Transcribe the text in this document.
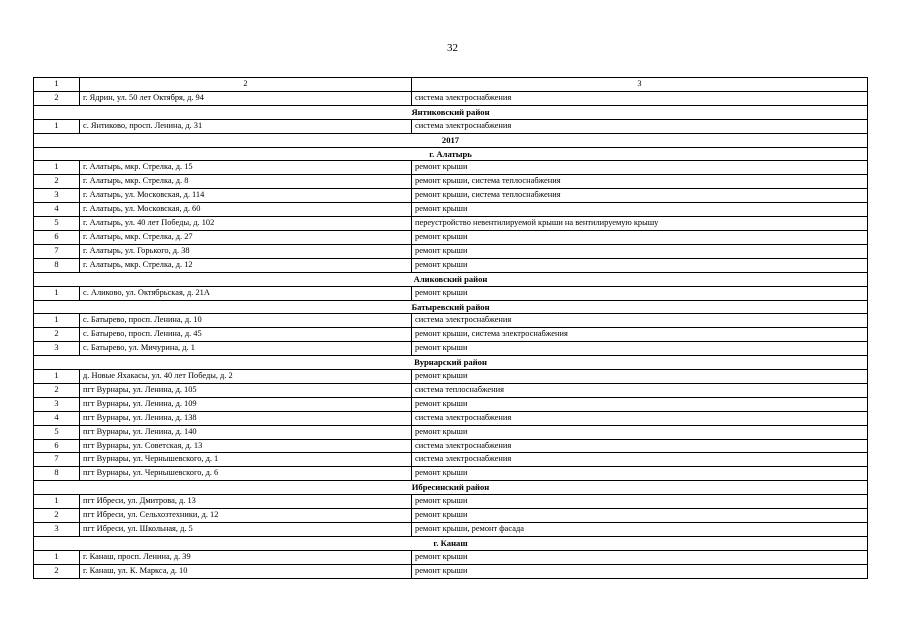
32
1	2	3
2	г. Ядрин, ул. 50 лет Октября, д. 94	система электроснабжения
Янтиковский район		
1	с. Янтиково, просп. Ленина, д. 31	система электроснабжения
2017		
г. Алатырь		
1	г. Алатырь, мкр. Стрелка, д. 15	ремонт крыши
2	г. Алатырь, мкр. Стрелка, д. 8	ремонт крыши, система теплоснабжения
3	г. Алатырь, ул. Московская, д. 114	ремонт крыши, система теплоснабжения
4	г. Алатырь, ул. Московская, д. 60	ремонт крыши
5	г. Алатырь, ул. 40 лет Победы, д. 102	переустройство невентилируемой крыши на вентилируемую крышу
6	г. Алатырь, мкр. Стрелка, д. 27	ремонт крыши
7	г. Алатырь, ул. Горького, д. 38	ремонт крыши
8	г. Алатырь, мкр. Стрелка, д. 12	ремонт крыши
Аликовский район		
1	с. Аликово, ул. Октябрьская, д. 21А	ремонт крыши
Батыревский район		
1	с. Батырево, просп. Ленина, д. 10	система электроснабжения
2	с. Батырево, просп. Ленина, д. 45	ремонт крыши, система электроснабжения
3	с. Батырево, ул. Мичурина, д. 1	ремонт крыши
Вурнарский район		
1	д. Новые Яхакасы, ул. 40 лет Победы, д. 2	ремонт крыши
2	пгт Вурнары, ул. Ленина, д. 105	система теплоснабжения
3	пгт Вурнары, ул. Ленина, д. 109	ремонт крыши
4	пгт Вурнары, ул. Ленина, д. 138	система электроснабжения
5	пгт Вурнары, ул. Ленина, д. 140	ремонт крыши
6	пгт Вурнары, ул. Советская, д. 13	система электроснабжения
7	пгт Вурнары, ул. Чернышевского, д. 1	система электроснабжения
8	пгт Вурнары, ул. Чернышевского, д. 6	ремонт крыши
Ибресинский район		
1	пгт Ибреси, ул. Дмитрова, д. 13	ремонт крыши
2	пгт Ибреси, ул. Сельхозтехники, д. 12	ремонт крыши
3	пгт Ибреси, ул. Школьная, д. 5	ремонт крыши, ремонт фасада
г. Канаш		
1	г. Канаш, просп. Ленина, д. 39	ремонт крыши
2	г. Канаш, ул. К. Маркса, д. 10	ремонт крыши
